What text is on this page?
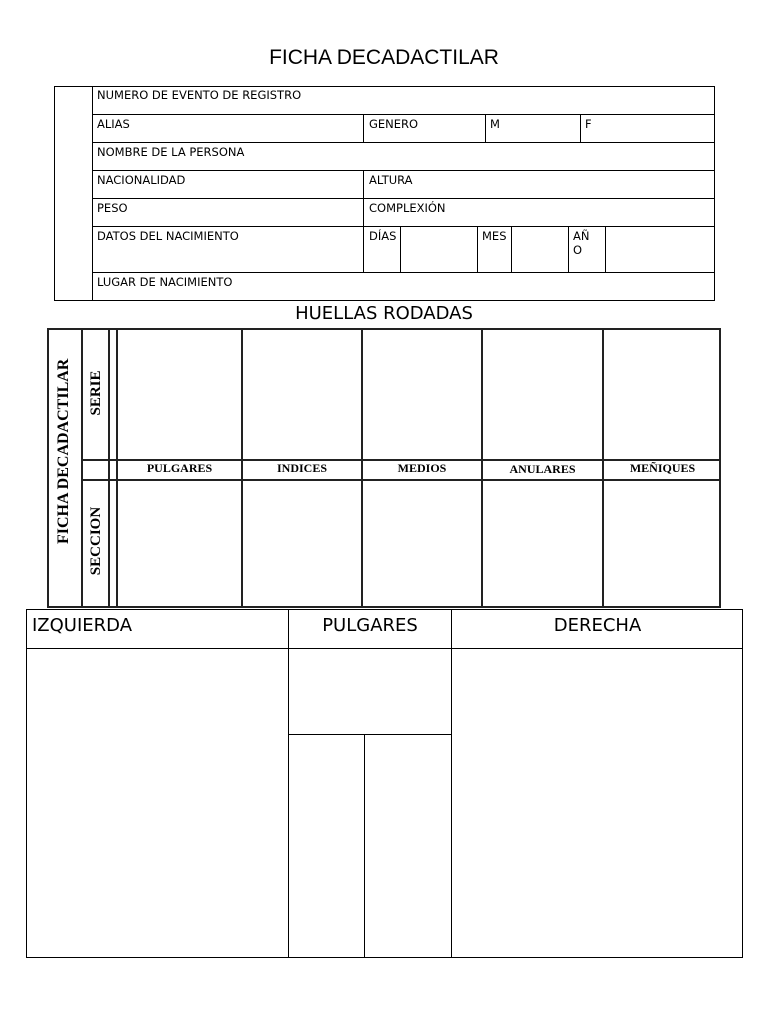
FICHA DECADACTILAR
NUMERO DE EVENTO DE REGISTRO
ALIAS	GENERO	M	F
NOMBRE DE LA PERSONA
NACIONALIDAD	ALTURA
PESO	COMPLEXIÓN
DATOS DEL NACIMIENTO	DÍAS	MES	AÑO
LUGAR DE NACIMIENTO
HUELLAS RODADAS
FICHA DECADACTILAR SERIE
SECCION
PULGARES	INDICES	MEDIOS	ANULARES	MEÑIQUES
IZQUIERDA	PULGARES	DERECHA
